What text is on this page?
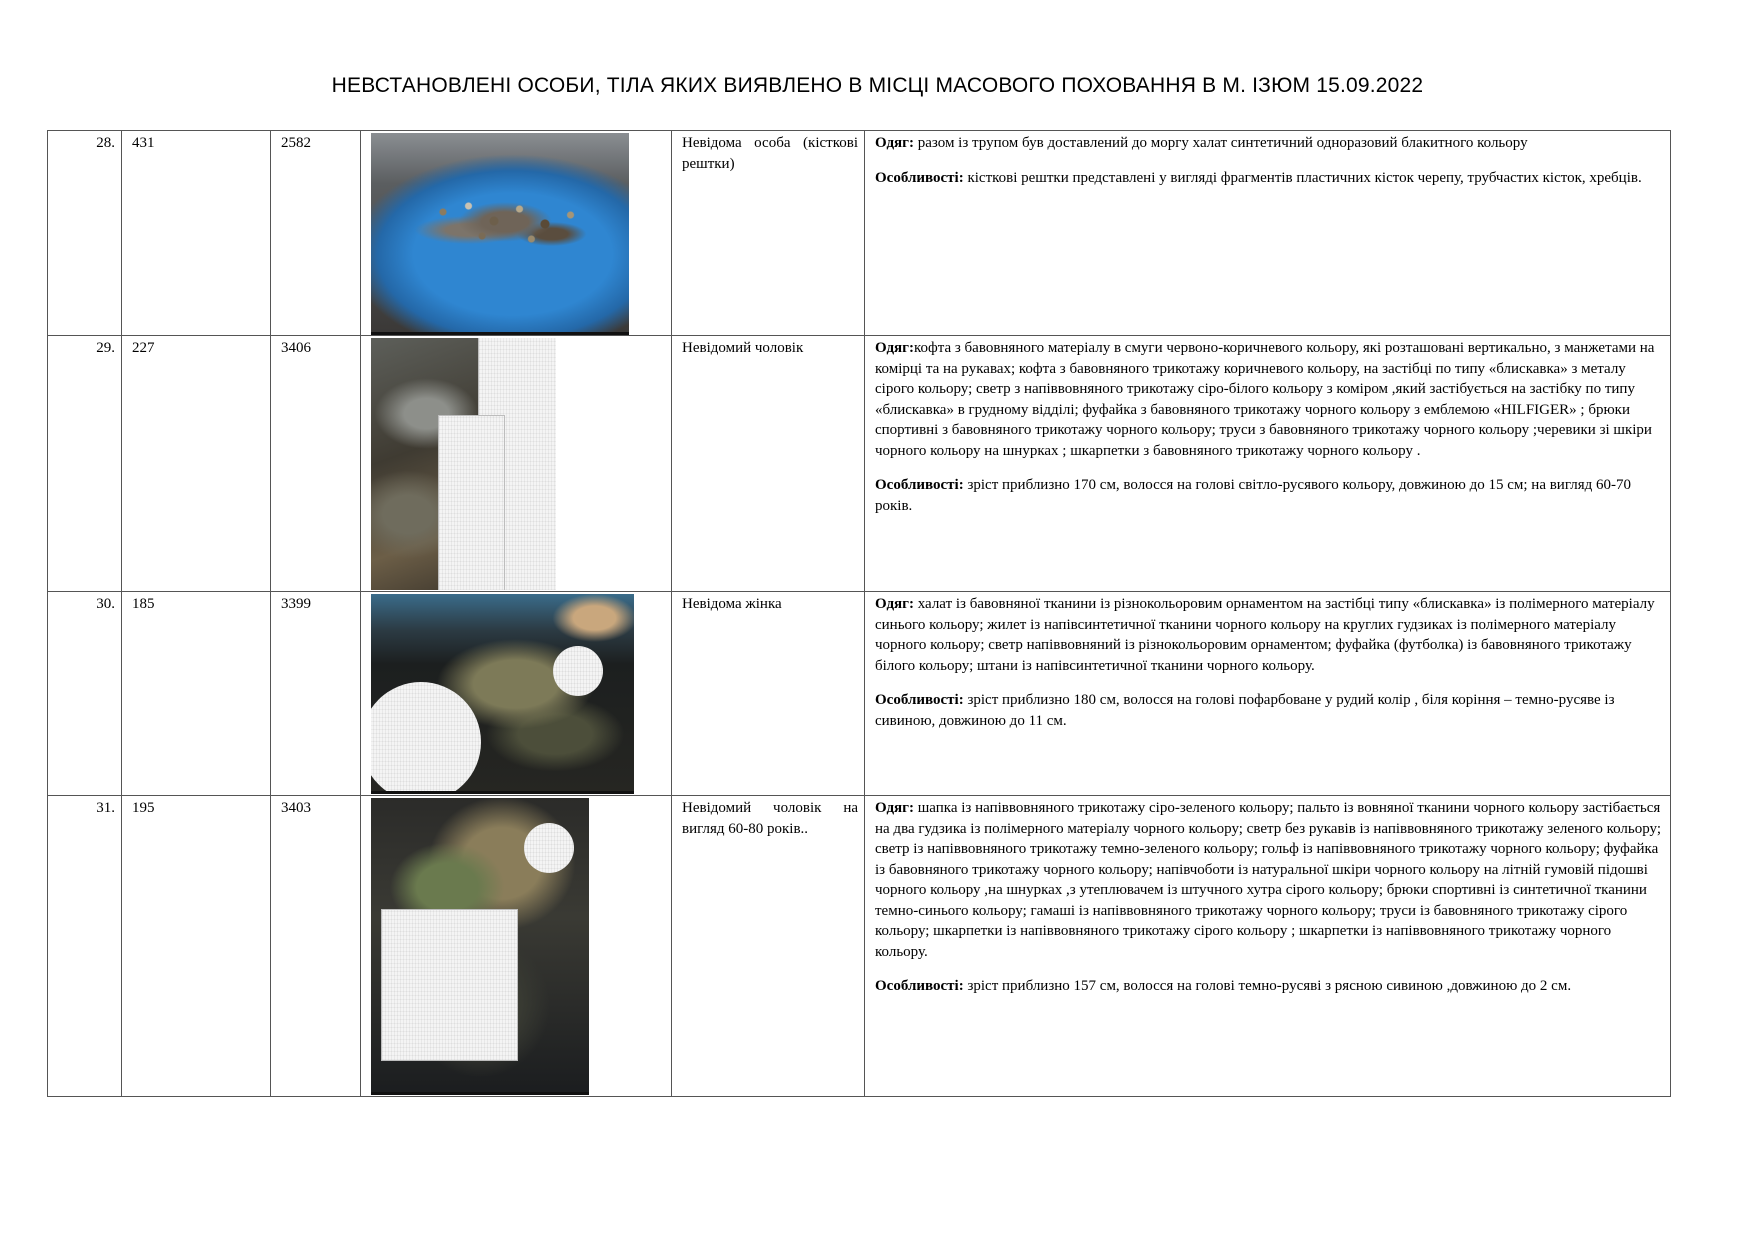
НЕВСТАНОВЛЕНІ ОСОБИ, ТІЛА ЯКИХ ВИЯВЛЕНО В МІСЦІ МАСОВОГО ПОХОВАННЯ В М. ІЗЮМ 15.09.2022
28.	431	2582		Невідома особа (кісткові рештки)	Одяг: разом із трупом був доставлений до моргу халат синтетичний одноразовий блакитного кольору

Особливості: кісткові рештки представлені у вигляді фрагментів пластичних кісток черепу, трубчастих кісток, хребців.

29.	227	3406		Невідомий чоловік	Одяг:кофта з бавовняного матеріалу в смуги червоно-коричневого кольору, які розташовані вертикально, з манжетами на комірці та на рукавах; кофта з бавовняного трикотажу коричневого кольору, на застібці по типу «блискавка» з металу сірого кольору; светр з напіввовняного трикотажу сіро-білого кольору з коміром ,який застібується на застібку по типу «блискавка» в грудному відділі; фуфайка з бавовняного трикотажу чорного кольору з емблемою «HILFIGER» ; брюки спортивні з бавовняного трикотажу чорного кольору; труси з бавовняного трикотажу чорного кольору ;черевики зі шкіри чорного кольору на шнурках ; шкарпетки з бавовняного трикотажу чорного кольору .

Особливості: зріст приблизно 170 см, волосся на голові світло-русявого кольору, довжиною до 15 см; на вигляд 60-70 років.

30.	185	3399		Невідома жінка	Одяг: халат із бавовняної тканини із різнокольоровим орнаментом на застібці типу «блискавка» із полімерного матеріалу синього кольору; жилет із напівсинтетичної тканини чорного кольору на круглих гудзиках із полімерного матеріалу чорного кольору; светр напіввовняний із різнокольоровим орнаментом; фуфайка (футболка) із бавовняного трикотажу білого кольору; штани із напівсинтетичної тканини чорного кольору.

Особливості: зріст приблизно 180 см, волосся на голові пофарбоване у рудий колір , біля коріння – темно-русяве із сивиною, довжиною до 11 см.

31.	195	3403		Невідомий чоловік на вигляд 60-80 років..	Одяг: шапка із напіввовняного трикотажу сіро-зеленого кольору; пальто із вовняної тканини чорного кольору застібається на два гудзика із полімерного матеріалу чорного кольору; светр без рукавів із напіввовняного трикотажу зеленого кольору; светр із напіввовняного трикотажу темно-зеленого кольору; гольф із напіввовняного трикотажу чорного кольору; фуфайка із бавовняного трикотажу чорного кольору; напівчоботи із натуральної шкіри чорного кольору на літній гумовій підошві чорного кольору ,на шнурках ,з утеплювачем із штучного хутра сірого кольору; брюки спортивні із синтетичної тканини темно-синього кольору; гамаші із напіввовняного трикотажу чорного кольору; труси із бавовняного трикотажу сірого кольору; шкарпетки із напіввовняного трикотажу сірого кольору ; шкарпетки із напіввовняного трикотажу чорного кольору.

Особливості: зріст приблизно 157 см, волосся на голові темно-русяві з рясною сивиною ,довжиною до 2 см.
